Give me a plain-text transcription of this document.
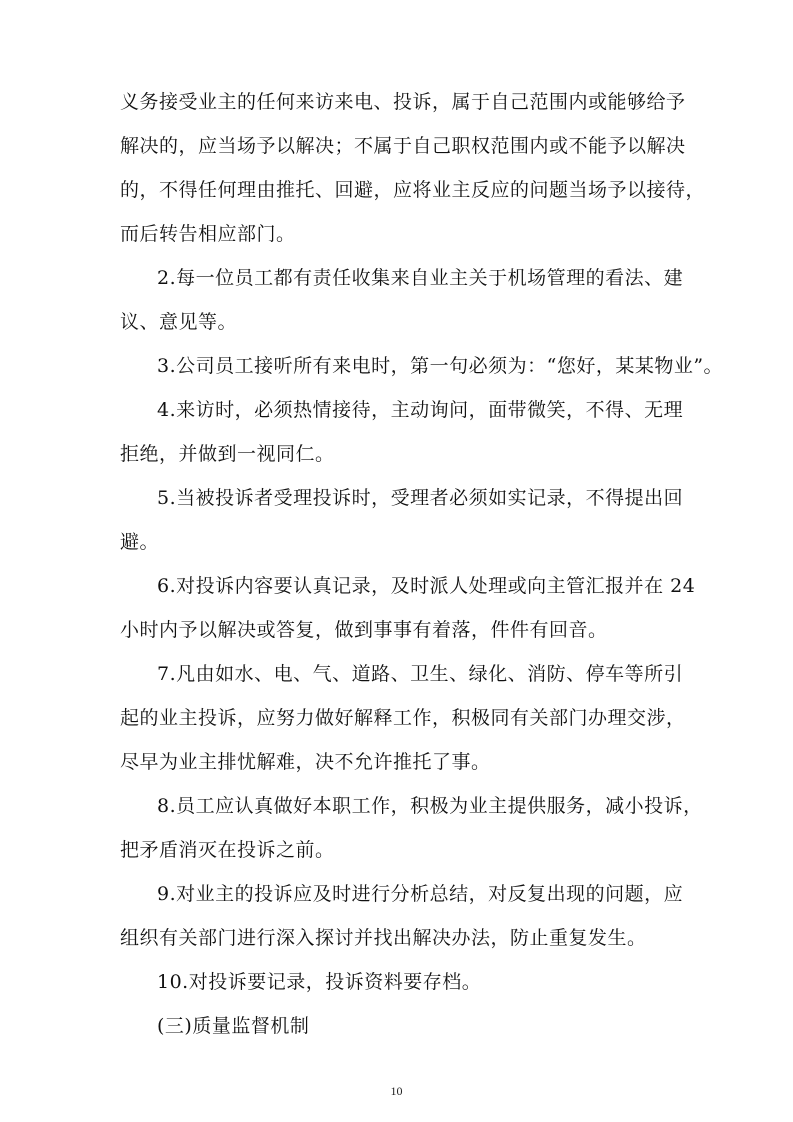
义务接受业主的任何来访来电、投诉，属于自己范围内或能够给予
解决的，应当场予以解决；不属于自己职权范围内或不能予以解决
的，不得任何理由推托、回避，应将业主反应的问题当场予以接待，
而后转告相应部门。
2.每一位员工都有责任收集来自业主关于机场管理的看法、建
议、意见等。
3.公司员工接听所有来电时，第一句必须为：“您好，某某物业”。
4.来访时，必须热情接待，主动询问，面带微笑，不得、无理
拒绝，并做到一视同仁。
5.当被投诉者受理投诉时，受理者必须如实记录，不得提出回
避。
6.对投诉内容要认真记录，及时派人处理或向主管汇报并在 24
小时内予以解决或答复，做到事事有着落，件件有回音。
7.凡由如水、电、气、道路、卫生、绿化、消防、停车等所引
起的业主投诉，应努力做好解释工作，积极同有关部门办理交涉，
尽早为业主排忧解难，决不允许推托了事。
8.员工应认真做好本职工作，积极为业主提供服务，减小投诉，
把矛盾消灭在投诉之前。
9.对业主的投诉应及时进行分析总结，对反复出现的问题，应
组织有关部门进行深入探讨并找出解决办法，防止重复发生。
10.对投诉要记录，投诉资料要存档。
(三)质量监督机制
10
